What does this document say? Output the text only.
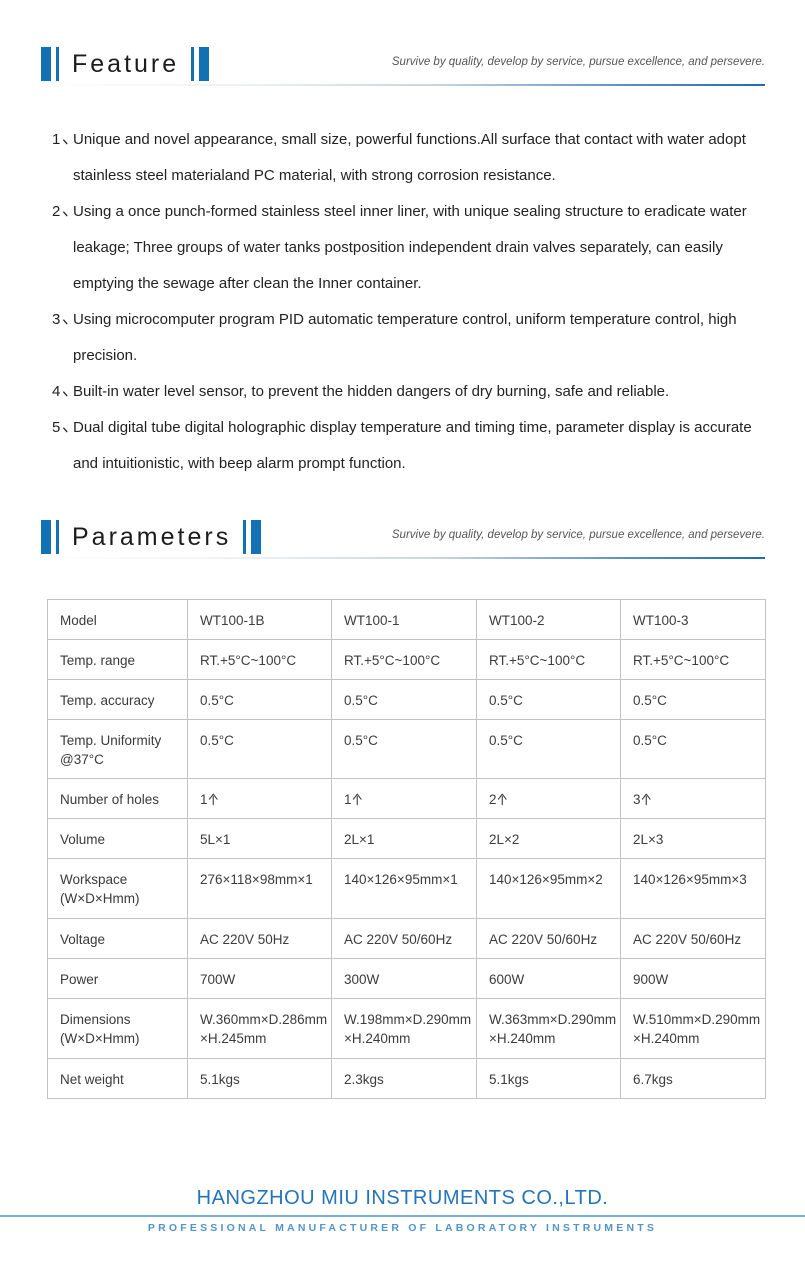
Feature	Survive by quality, develop by service, pursue excellence, and persevere.
1 Unique and novel appearance, small size, powerful functions.All surface that contact with water adopt stainless steel materialand PC material, with strong corrosion resistance.
2 Using a once punch-formed stainless steel inner liner, with unique sealing structure to eradicate water leakage; Three groups of water tanks postposition independent drain valves separately, can easily emptying the sewage after clean the Inner container.
3 Using microcomputer program PID automatic temperature control, uniform temperature control, high precision.
4 Built-in water level sensor, to prevent the hidden dangers of dry burning, safe and reliable.
5 Dual digital tube digital holographic display temperature and timing time, parameter display is accurate and intuitionistic, with beep alarm prompt function.
Parameters	Survive by quality, develop by service, pursue excellence, and persevere.
Model	WT100-1B	WT100-1	WT100-2	WT100-3
Temp. range	RT.+5°C~100°C	RT.+5°C~100°C	RT.+5°C~100°C	RT.+5°C~100°C
Temp. accuracy	0.5°C	0.5°C	0.5°C	0.5°C
Temp. Uniformity @37°C	0.5°C	0.5°C	0.5°C	0.5°C
Number of holes	1	1	2	3
Volume	5L×1	2L×1	2L×2	2L×3
Workspace (W×D×Hmm)	276×118×98mm×1	140×126×95mm×1	140×126×95mm×2	140×126×95mm×3
Voltage	AC 220V 50Hz	AC 220V 50/60Hz	AC 220V 50/60Hz	AC 220V 50/60Hz
Power	700W	300W	600W	900W
Dimensions (W×D×Hmm)	W.360mm×D.286mm ×H.245mm	W.198mm×D.290mm ×H.240mm	W.363mm×D.290mm ×H.240mm	W.510mm×D.290mm ×H.240mm
Net weight	5.1kgs	2.3kgs	5.1kgs	6.7kgs
HANGZHOU MIU INSTRUMENTS CO.,LTD.
PROFESSIONAL MANUFACTURER OF LABORATORY INSTRUMENTS
